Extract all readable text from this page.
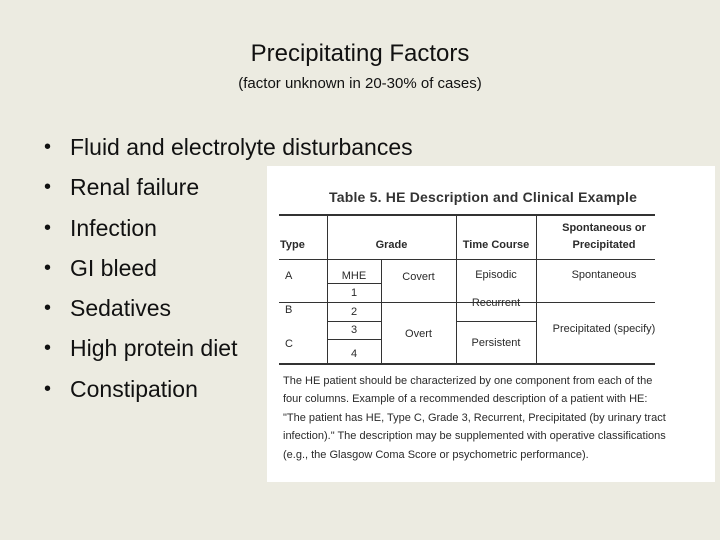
Precipitating Factors
(factor unknown in 20-30% of cases)
• Fluid and electrolyte disturbances
• Renal failure
• Infection
• GI bleed
• Sedatives
• High protein diet
• Constipation
Table 5. HE Description and Clinical Example
Type	Grade	Time Course
Spontaneous or
Precipitated
A
B
C
MHE
1
2
3
4
Covert
Overt
Episodic
Recurrent
Persistent
Spontaneous
Precipitated (specify)
The HE patient should be characterized by one component from each of the
four columns. Example of a recommended description of a patient with HE:
"The patient has HE, Type C, Grade 3, Recurrent, Precipitated (by urinary tract
infection)." The description may be supplemented with operative classifications
(e.g., the Glasgow Coma Score or psychometric performance).
